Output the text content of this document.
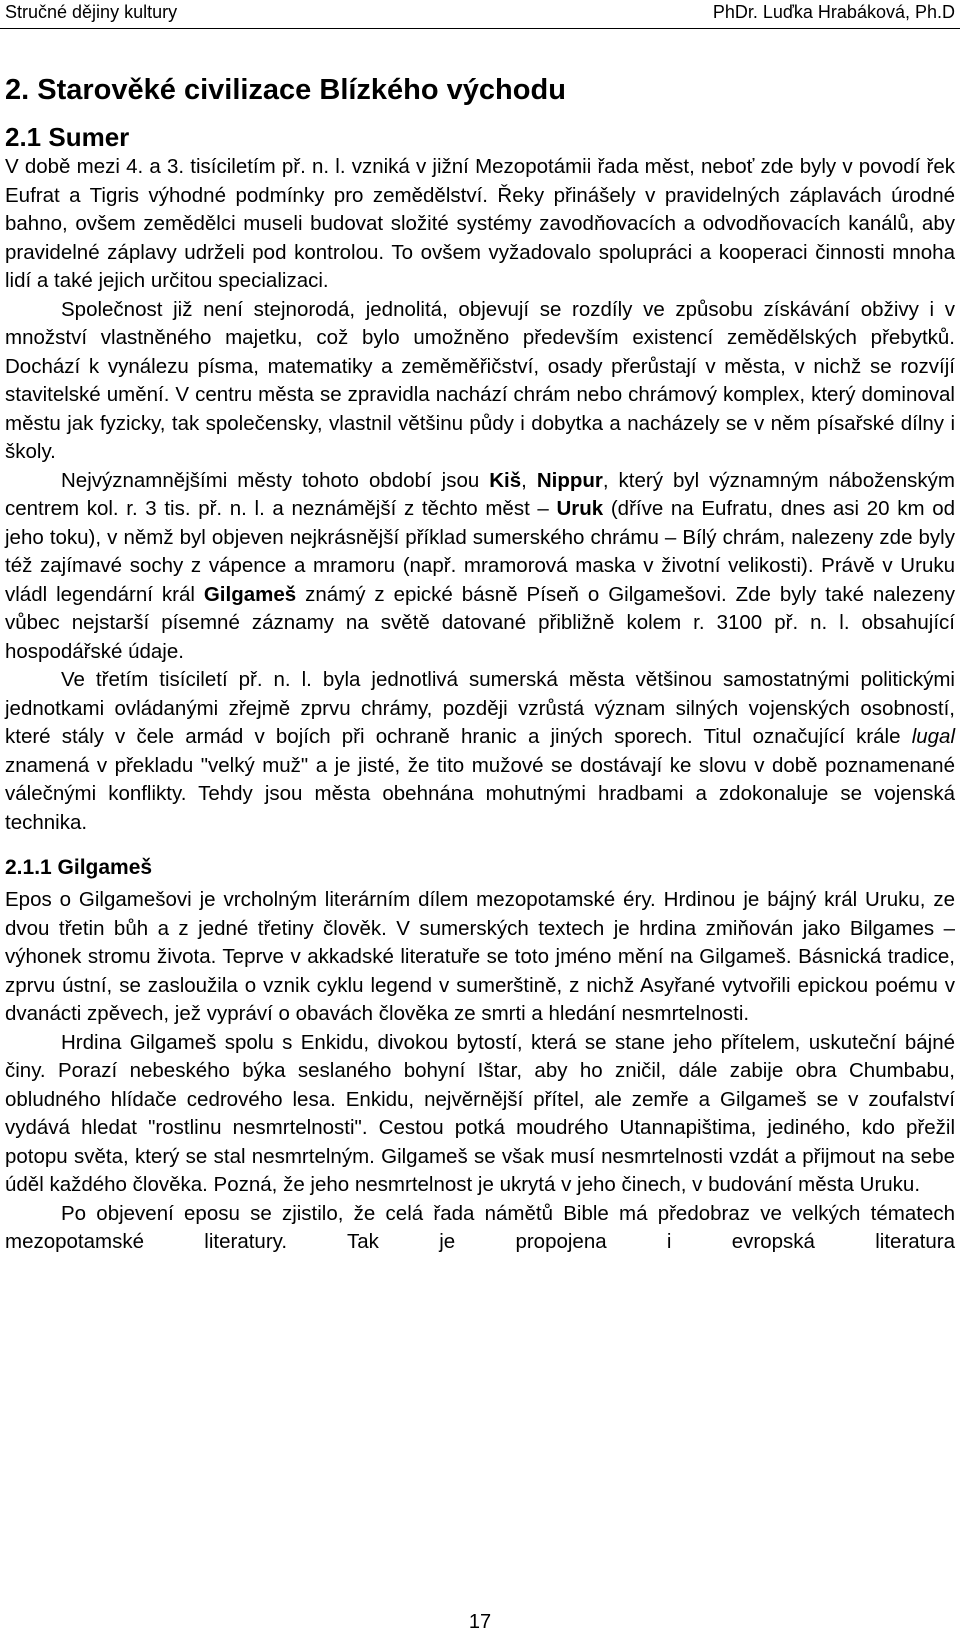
Stručné dějiny kultury	PhDr. Luďka Hrabáková, Ph.D
2. Starověké civilizace Blízkého východu
2.1 Sumer

V době mezi 4. a 3. tisíciletím př. n. l. vzniká v jižní Mezopotámii řada měst, neboť zde byly v povodí řek Eufrat a Tigris výhodné podmínky pro zemědělství. Řeky přinášely v pravidelných záplavách úrodné bahno, ovšem zemědělci museli budovat složité systémy zavodňovacích a odvodňovacích kanálů, aby pravidelné záplavy udrželi pod kontrolou. To ovšem vyžadovalo spolupráci a kooperaci činnosti mnoha lidí a také jejich určitou specializaci.

Společnost již není stejnorodá, jednolitá, objevují se rozdíly ve způsobu získávání obživy i v množství vlastněného majetku, což bylo umožněno především existencí zemědělských přebytků. Dochází k vynálezu písma, matematiky a zeměměřičství, osady přerůstají v města, v nichž se rozvíjí stavitelské umění. V centru města se zpravidla nachází chrám nebo chrámový komplex, který dominoval městu jak fyzicky, tak společensky, vlastnil většinu půdy i dobytka a nacházely se v něm písařské dílny i školy.

Nejvýznamnějšími městy tohoto období jsou Kiš, Nippur, který byl významným náboženským centrem kol. r. 3 tis. př. n. l. a neznámější z těchto měst – Uruk (dříve na Eufratu, dnes asi 20 km od jeho toku), v němž byl objeven nejkrásnější příklad sumerského chrámu – Bílý chrám, nalezeny zde byly též zajímavé sochy z vápence a mramoru (např. mramorová maska v životní velikosti). Právě v Uruku vládl legendární král Gilgameš známý z epické básně Píseň o Gilgamešovi. Zde byly také nalezeny vůbec nejstarší písemné záznamy na světě datované přibližně kolem r. 3100 př. n. l. obsahující hospodářské údaje.

Ve třetím tisíciletí př. n. l. byla jednotlivá sumerská města většinou samostatnými politickými jednotkami ovládanými zřejmě zprvu chrámy, později vzrůstá význam silných vojenských osobností, které stály v čele armád v bojích při ochraně hranic a jiných sporech. Titul označující krále lugal znamená v překladu "velký muž" a je jisté, že tito mužové se dostávají ke slovu v době poznamenané válečnými konflikty. Tehdy jsou města obehnána mohutnými hradbami a zdokonaluje se vojenská technika.

2.1.1 Gilgameš

Epos o Gilgamešovi je vrcholným literárním dílem mezopotamské éry. Hrdinou je bájný král Uruku, ze dvou třetin bůh a z jedné třetiny člověk. V sumerských textech je hrdina zmiňován jako Bilgames – výhonek stromu života. Teprve v akkadské literatuře se toto jméno mění na Gilgameš. Básnická tradice, zprvu ústní, se zasloužila o vznik cyklu legend v sumerštině, z nichž Asyřané vytvořili epickou poému v dvanácti zpěvech, jež vypráví o obavách člověka ze smrti a hledání nesmrtelnosti.

Hrdina Gilgameš spolu s Enkidu, divokou bytostí, která se stane jeho přítelem, uskuteční bájné činy. Porazí nebeského býka seslaného bohyní Ištar, aby ho zničil, dále zabije obra Chumbabu, obludného hlídače cedrového lesa. Enkidu, nejvěrnější přítel, ale zemře a Gilgameš se v zoufalství vydává hledat "rostlinu nesmrtelnosti". Cestou potká moudrého Utannapištima, jediného, kdo přežil potopu světa, který se stal nesmrtelným. Gilgameš se však musí nesmrtelnosti vzdát a přijmout na sebe úděl každého člověka. Pozná, že jeho nesmrtelnost je ukrytá v jeho činech, v budování města Uruku.

Po objevení eposu se zjistilo, že celá řada námětů Bible má předobraz ve velkých tématech mezopotamské literatury. Tak je propojena i evropská literatura

17
